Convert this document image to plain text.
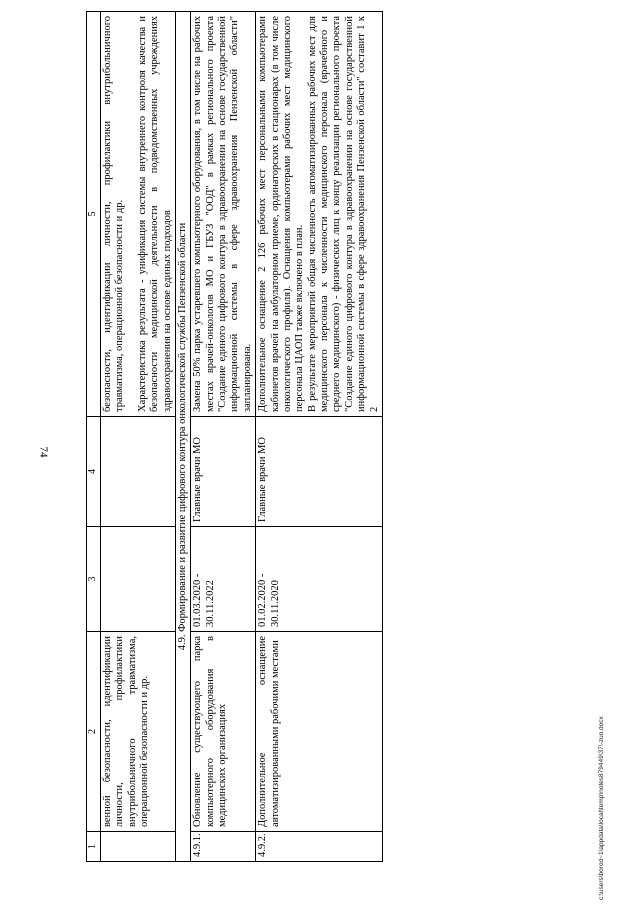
74
c:\users\borod~1\appdata\local\temp\notes879449\37\-zuo.docx
1	2	3	4	5
	венной безопасности, идентификации личности, профилактики внутрибольничного травматизма, операционной безопасности и др.			безопасности, идентификации личности, профилактики внутрибольничного травматизма, операционной безопасности и др. Характеристика результата - унификация системы внутреннего контроля качества и безопасности медицинской деятельности в подведомственных учреждениях здравоохранения на основе единых подходов

4.9. Формирование и развитие цифрового контура онкологической службы Пензенской области				
4.9.1.	Обновление существующего парка компьютерного оборудования в медицинских организациях	01.03.2020 - 30.11.2022	Главные врачи МО	Замена 50% парка устаревшего компьютерного оборудования, в том числе на рабочих местах врачей-онкологов МО и ГБУЗ "ООД" в рамках регионального проекта "Создание единого цифрового контура в здравоохранении на основе государственной информационной системы в сфере здравоохранения Пензенской области" запланирована.
4.9.2.	Дополнительное оснащение автоматизированными рабочими местами	01.02.2020 - 30.11.2020	Главные врачи МО	Дополнительное оснащение 2 126 рабочих мест персональными компьютерами кабинетов врачей на амбулаторном приеме, ординаторских в стационарах (в том числе онкологического профиля). Оснащения компьютерами рабочих мест медицинского персонала ЦАОП также включено в план. В результате мероприятий общая численность автоматизированных рабочих мест для медицинского персонала к численности медицинского персонала (врачебного и среднего медицинского) - физических лиц к концу реализации регионального проекта "Создание единого цифрового контура в здравоохранении на основе государственной информационной системы в сфере здравоохранения Пензенской области" составит 1 к 2
